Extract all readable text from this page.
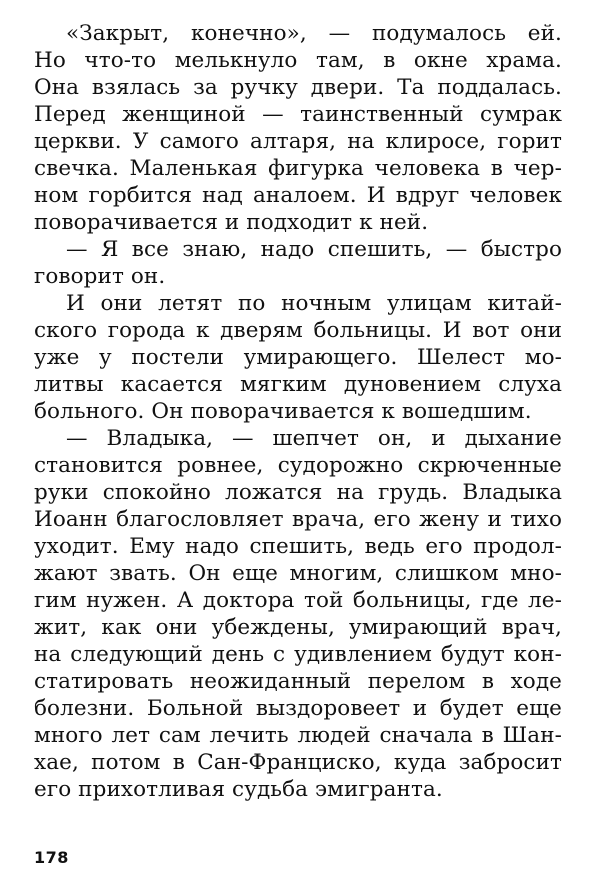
«Закрыт, конечно», — подумалось ей.
Но что-то мелькнуло там, в окне храма.
Она взялась за ручку двери. Та поддалась.
Перед женщиной — таинственный сумрак
церкви. У самого алтаря, на клиросе, горит
свечка. Маленькая фигурка человека в чер-
ном горбится над аналоем. И вдруг человек
поворачивается и подходит к ней.
— Я все знаю, надо спешить, — быстро
говорит он.
И они летят по ночным улицам китай-
ского города к дверям больницы. И вот они
уже у постели умирающего. Шелест мо-
литвы касается мягким дуновением слуха
больного. Он поворачивается к вошедшим.
— Владыка, — шепчет он, и дыхание
становится ровнее, судорожно скрюченные
руки спокойно ложатся на грудь. Владыка
Иоанн благословляет врача, его жену и тихо
уходит. Ему надо спешить, ведь его продол-
жают звать. Он еще многим, слишком мно-
гим нужен. А доктора той больницы, где ле-
жит, как они убеждены, умирающий врач,
на следующий день с удивлением будут кон-
статировать неожиданный перелом в ходе
болезни. Больной выздоровеет и будет еще
много лет сам лечить людей сначала в Шан-
хае, потом в Сан-Франциско, куда забросит
его прихотливая судьба эмигранта.
178
